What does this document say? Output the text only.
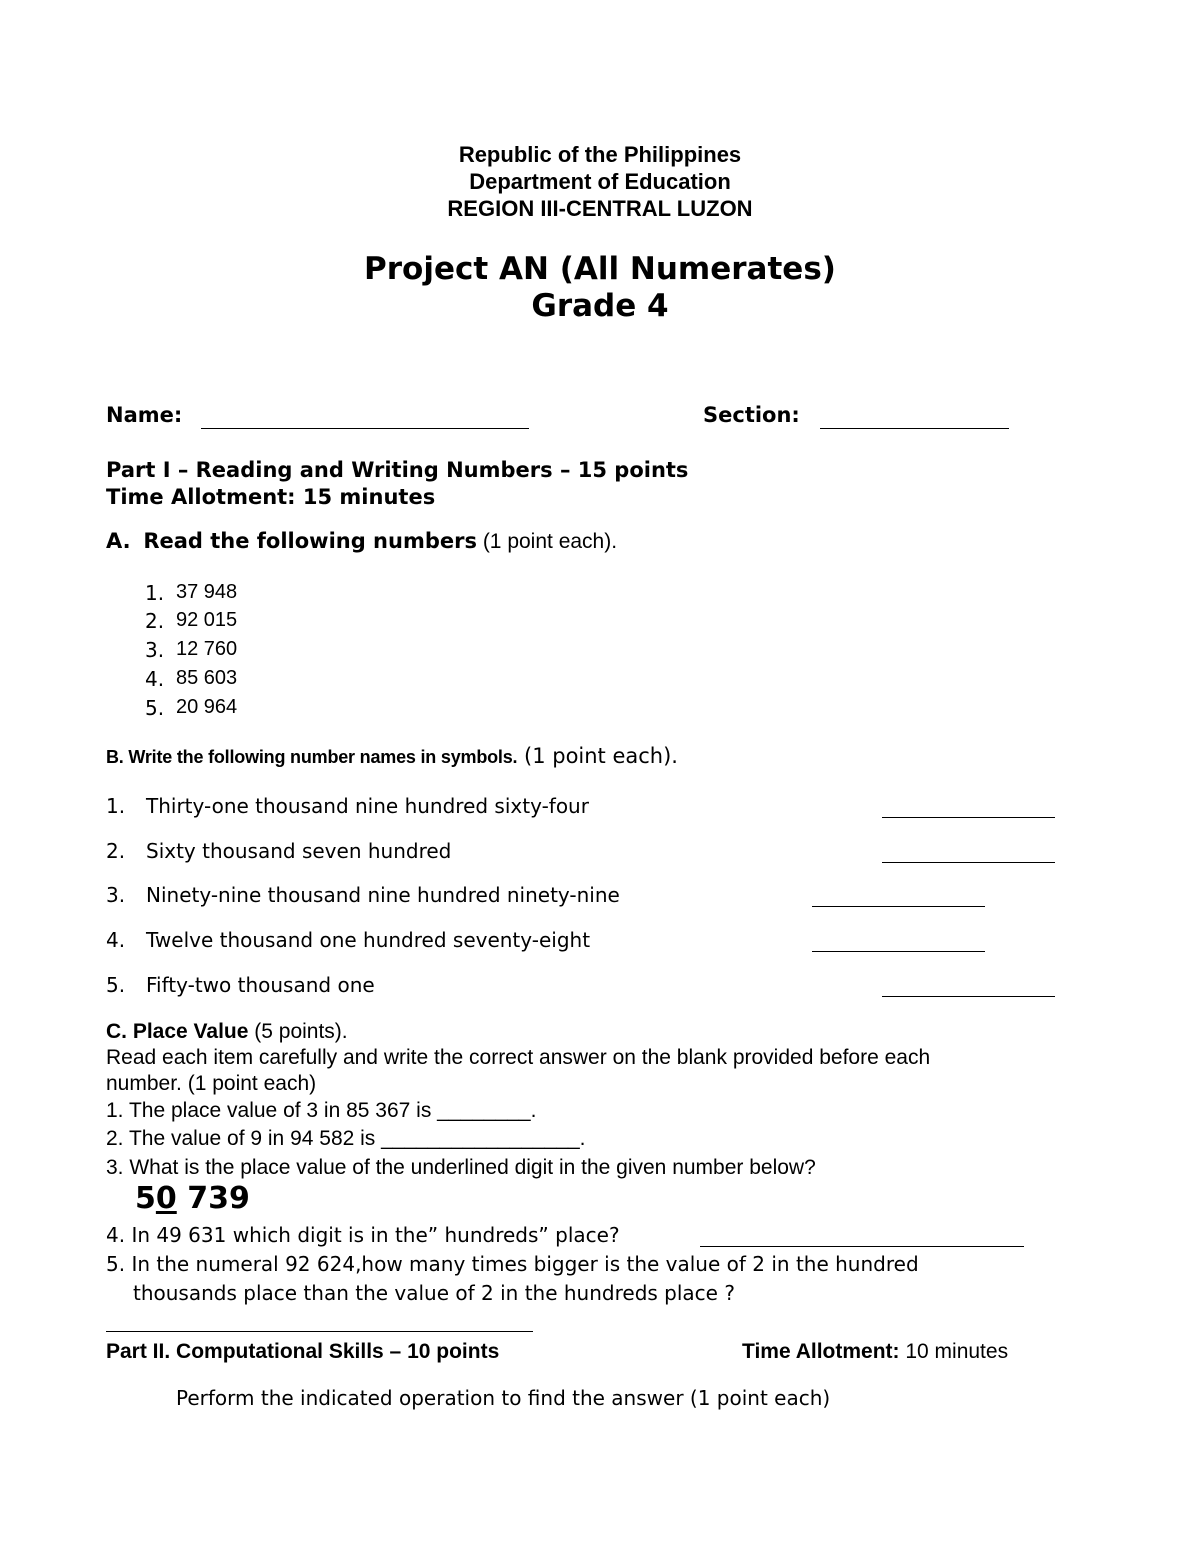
Republic of the Philippines
Department of Education
REGION III-CENTRAL LUZON
Project AN (All Numerates)
Grade 4
Name:	Section:
Part I – Reading and Writing Numbers – 15 points
Time Allotment: 15 minutes
A. Read the following numbers (1 point each).
1. 37 948
2. 92 015
3. 12 760
4. 85 603
5. 20 964
B. Write the following number names in symbols. (1 point each).
1. Thirty-one thousand nine hundred sixty-four
2. Sixty thousand seven hundred
3. Ninety-nine thousand nine hundred ninety-nine
4. Twelve thousand one hundred seventy-eight
5. Fifty-two thousand one
C. Place Value (5 points).
Read each item carefully and write the correct answer on the blank provided before each
number. (1 point each)
1. The place value of 3 in 85 367 is ________.
2. The value of 9 in 94 582 is _________________.
3. What is the place value of the underlined digit in the given number below?
50 739
4. In 49 631 which digit is in the” hundreds” place?
5. In the numeral 92 624,how many times bigger is the value of 2 in the hundred
thousands place than the value of 2 in the hundreds place ?
Part II. Computational Skills – 10 points	Time Allotment: 10 minutes
Perform the indicated operation to find the answer (1 point each)
